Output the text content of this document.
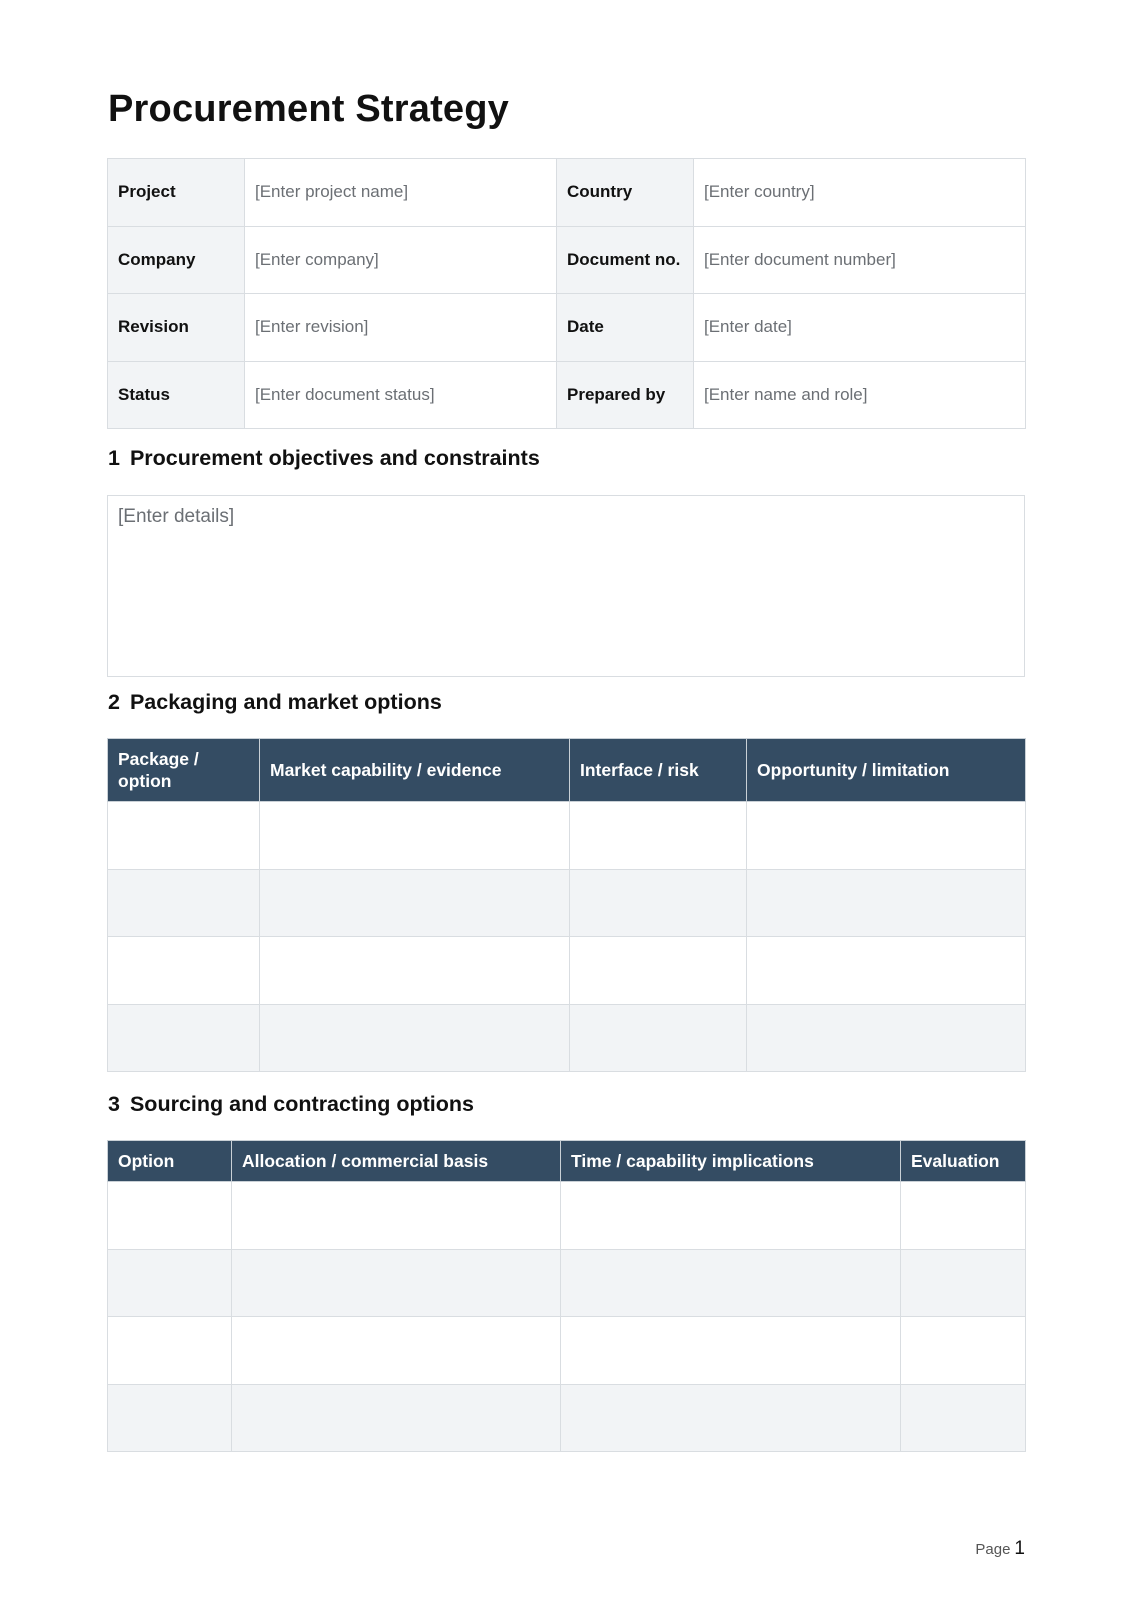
Procurement Strategy
Project	[Enter project name]	Country	[Enter country]
Company	[Enter company]	Document no.	[Enter document number]
Revision	[Enter revision]	Date	[Enter date]
Status	[Enter document status]	Prepared by	[Enter name and role]
1 Procurement objectives and constraints
[Enter details]
2 Packaging and market options
Package / option	Market capability / evidence	Interface / risk	Opportunity / limitation

3 Sourcing and contracting options
Option	Allocation / commercial basis	Time / capability implications	Evaluation

Page 1
